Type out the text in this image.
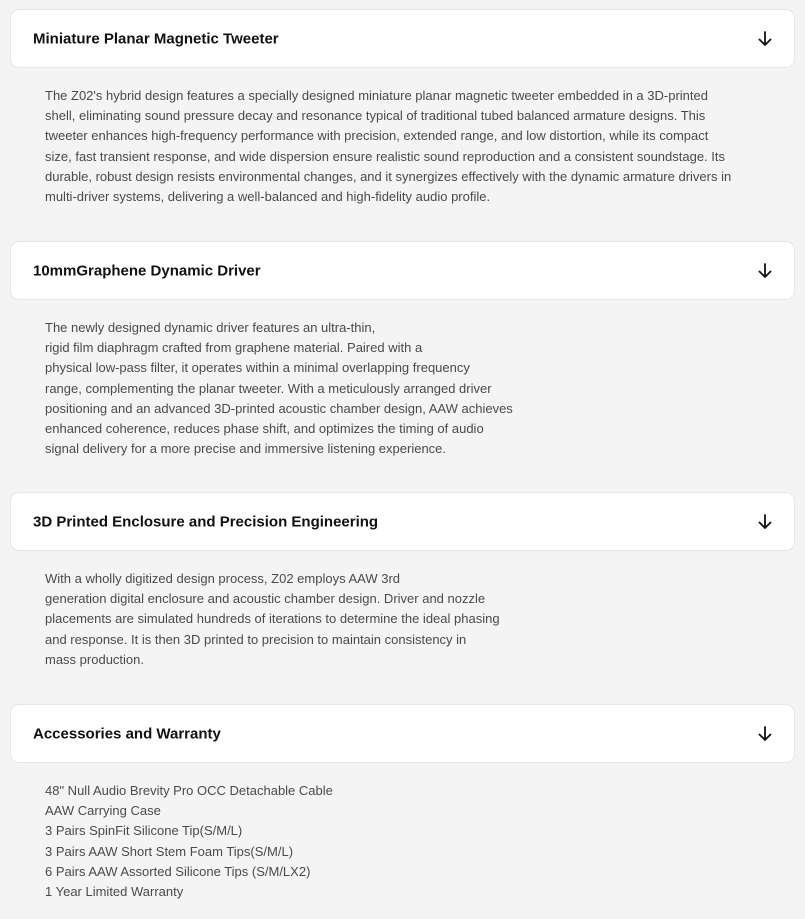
Miniature Planar Magnetic Tweeter

The Z02's hybrid design features a specially designed miniature planar magnetic tweeter embedded in a 3D-printed
shell, eliminating sound pressure decay and resonance typical of traditional tubed balanced armature designs. This
tweeter enhances high-frequency performance with precision, extended range, and low distortion, while its compact
size, fast transient response, and wide dispersion ensure realistic sound reproduction and a consistent soundstage. Its
durable, robust design resists environmental changes, and it synergizes effectively with the dynamic armature drivers in
multi-driver systems, delivering a well-balanced and high-fidelity audio profile.

10mmGraphene Dynamic Driver

The newly designed dynamic driver features an ultra-thin,
rigid film diaphragm crafted from graphene material. Paired with a
physical low-pass filter, it operates within a minimal overlapping frequency
range, complementing the planar tweeter. With a meticulously arranged driver
positioning and an advanced 3D-printed acoustic chamber design, AAW achieves
enhanced coherence, reduces phase shift, and optimizes the timing of audio
signal delivery for a more precise and immersive listening experience.

3D Printed Enclosure and Precision Engineering

With a wholly digitized design process, Z02 employs AAW 3rd
generation digital enclosure and acoustic chamber design. Driver and nozzle
placements are simulated hundreds of iterations to determine the ideal phasing
and response. It is then 3D printed to precision to maintain consistency in
mass production.

Accessories and Warranty

48" Null Audio Brevity Pro OCC Detachable Cable
AAW Carrying Case
3 Pairs SpinFit Silicone Tip(S/M/L)
3 Pairs AAW Short Stem Foam Tips(S/M/L)
6 Pairs AAW Assorted Silicone Tips (S/M/LX2)
1 Year Limited Warranty
